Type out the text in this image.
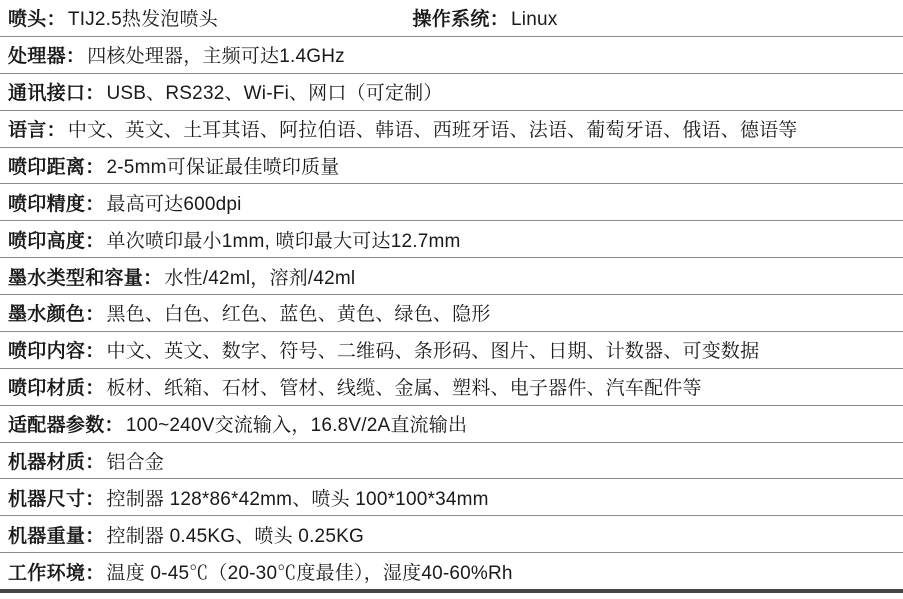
喷头： TIJ2.5热发泡喷头	操作系统： Linux
处理器： 四核处理器，主频可达1.4GHz
通讯接口： USB、RS232、Wi-Fi、网口（可定制）
语言： 中文、英文、土耳其语、阿拉伯语、韩语、西班牙语、法语、葡萄牙语、俄语、德语等
喷印距离： 2-5mm可保证最佳喷印质量
喷印精度： 最高可达600dpi
喷印高度： 单次喷印最小1mm, 喷印最大可达12.7mm
墨水类型和容量： 水性/42ml，溶剂/42ml
墨水颜色： 黑色、白色、红色、蓝色、黄色、绿色、隐形
喷印内容： 中文、英文、数字、符号、二维码、条形码、图片、日期、计数器、可变数据
喷印材质： 板材、纸箱、石材、管材、线缆、金属、塑料、电子器件、汽车配件等
适配器参数： 100~240V交流输入，16.8V/2A直流输出
机器材质： 铝合金
机器尺寸： 控制器 128*86*42mm、喷头 100*100*34mm
机器重量： 控制器 0.45KG、喷头 0.25KG
工作环境： 温度 0-45℃（20-30℃度最佳），湿度40-60%Rh
